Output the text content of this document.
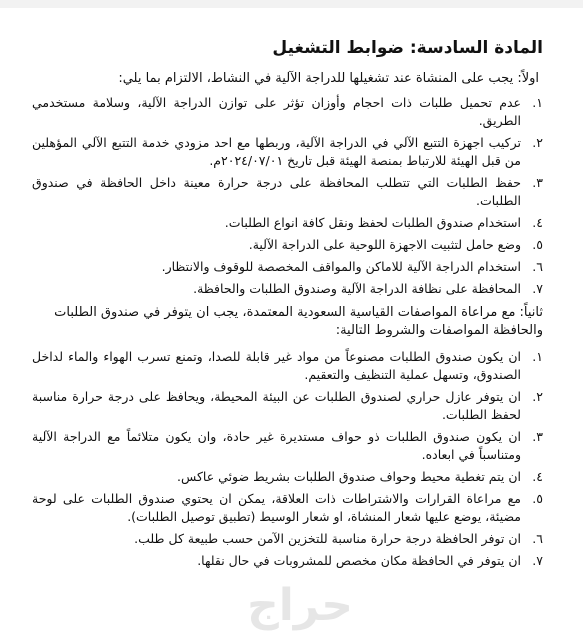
المادة السادسة: ضوابط التشغيل

اولاً: يجب على المنشاة عند تشغيلها للدراجة الآلية في النشاط، الالتزام بما يلي:

١.
عدم تحميل طلبات ذات احجام وأوزان تؤثر على توازن الدراجة الآلية، وسلامة مستخدمي الطريق.
٢.
تركيب اجهزة التتبع الآلي في الدراجة الآلية، وربطها مع احد مزودي خدمة التتبع الآلي المؤهلين من قبل الهيئة للارتباط بمنصة الهيئة قبل تاريخ ٢٠٢٤/٠٧/٠١م.
٣.
حفظ الطلبات التي تتطلب المحافظة على درجة حرارة معينة داخل الحافظة في صندوق الطلبات.
٤.
استخدام صندوق الطلبات لحفظ ونقل كافة انواع الطلبات.
٥.
وضع حامل لتثبيت الاجهزة اللوحية على الدراجة الآلية.
٦.
استخدام الدراجة الآلية للاماكن والمواقف المخصصة للوقوف والانتظار.
٧.
المحافظة على نظافة الدراجة الآلية وصندوق الطلبات والحافظة.

ثانياً: مع مراعاة المواصفات القياسية السعودية المعتمدة، يجب ان يتوفر في صندوق الطلبات والحافظة المواصفات والشروط التالية:

١.
ان يكون صندوق الطلبات مصنوعاً من مواد غير قابلة للصدا، وتمنع تسرب الهواء والماء لداخل الصندوق، وتسهل عملية التنظيف والتعقيم.
٢.
ان يتوفر عازل حراري لصندوق الطلبات عن البيئة المحيطة، ويحافظ على درجة حرارة مناسبة لحفظ الطلبات.
٣.
ان يكون صندوق الطلبات ذو حواف مستديرة غير حادة، وان يكون متلائماً مع الدراجة الآلية ومتناسباً في ابعاده.
٤.
ان يتم تغطية محيط وحواف صندوق الطلبات بشريط ضوئي عاكس.
٥.
مع مراعاة القرارات والاشتراطات ذات العلاقة، يمكن ان يحتوي صندوق الطلبات على لوحة مضيئة، يوضع عليها شعار المنشاة، او شعار الوسيط (تطبيق توصيل الطلبات).
٦.
ان توفر الحافظة درجة حرارة مناسبة للتخزين الآمن حسب طبيعة كل طلب.
٧.
ان يتوفر في الحافظة مكان مخصص للمشروبات في حال نقلها.
حراج
